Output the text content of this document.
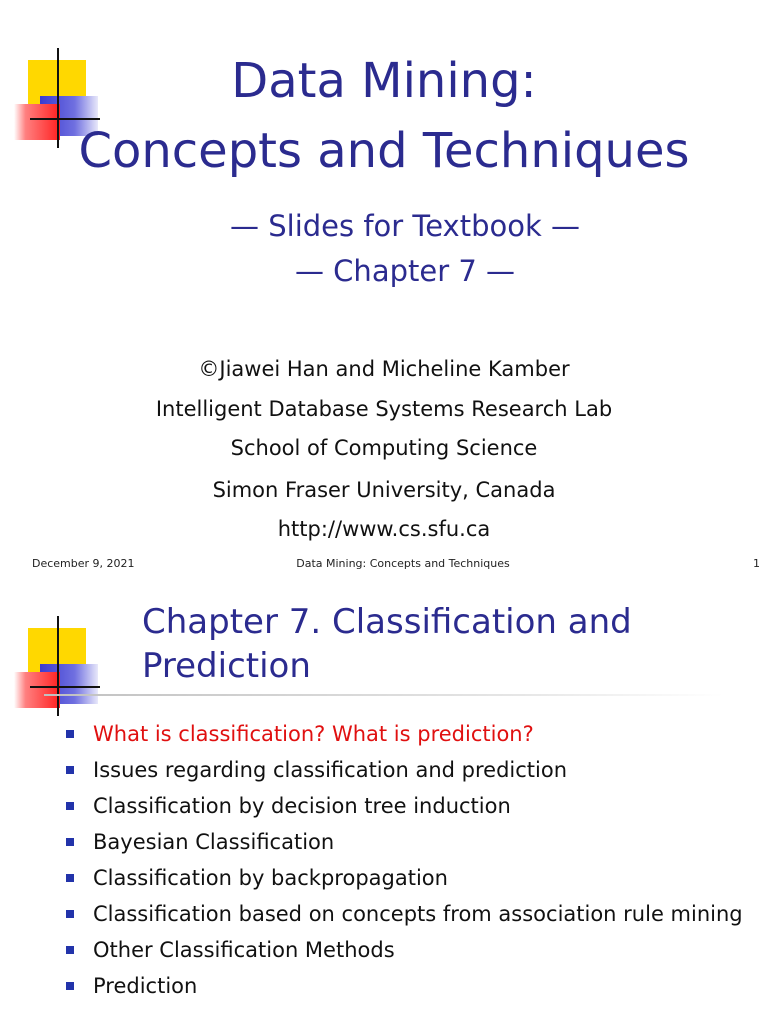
Data Mining:
Concepts and Techniques
— Slides for Textbook —
— Chapter 7 —
©Jiawei Han and Micheline Kamber
Intelligent Database Systems Research Lab
School of Computing Science
Simon Fraser University, Canada
http://www.cs.sfu.ca
December 9, 2021	Data Mining: Concepts and Techniques	1
Chapter 7. Classification and Prediction
What is classification? What is prediction?
Issues regarding classification and prediction
Classification by decision tree induction
Bayesian Classification
Classification by backpropagation
Classification based on concepts from association rule mining
Other Classification Methods
Prediction
